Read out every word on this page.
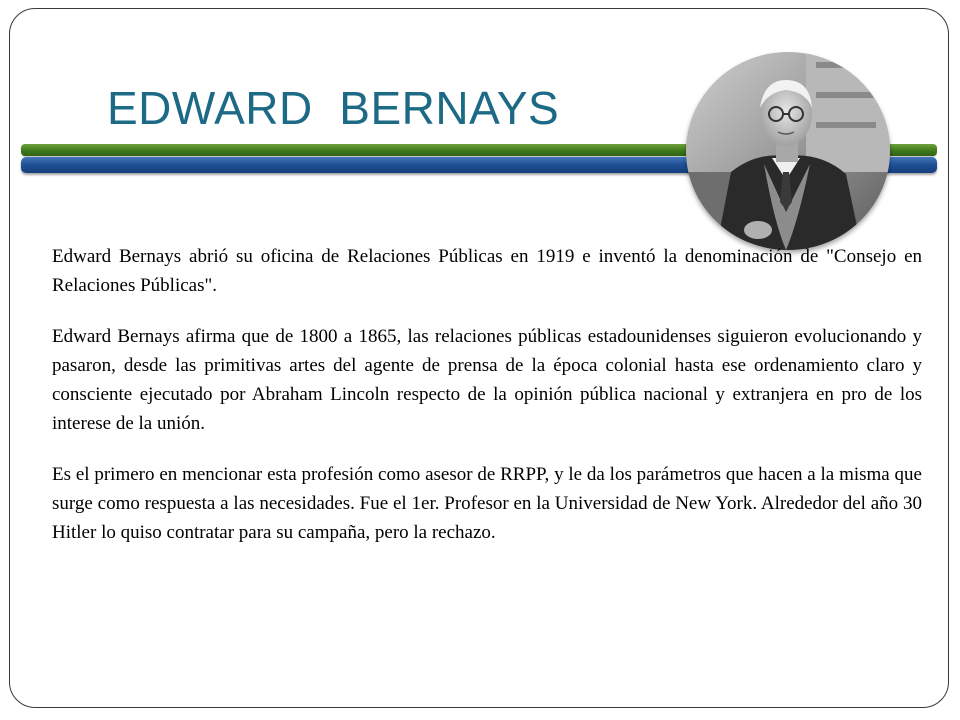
EDWARD  BERNAYS

Edward Bernays abrió su oficina de Relaciones Públicas en 1919 e inventó la denominación de "Consejo en Relaciones Públicas".

Edward Bernays afirma que de 1800 a 1865, las relaciones públicas estadounidenses siguieron evolucionando y pasaron, desde las primitivas artes del agente de prensa de la época colonial hasta ese ordenamiento claro y consciente ejecutado por Abraham Lincoln respecto de la opinión pública nacional y extranjera en pro de los interese de la unión.

Es el primero en mencionar esta profesión como asesor de RRPP, y le da los parámetros que hacen a la misma que surge como respuesta a las necesidades. Fue el 1er. Profesor en la Universidad de New York. Alrededor del año 30 Hitler lo quiso contratar para su campaña, pero la rechazo.
